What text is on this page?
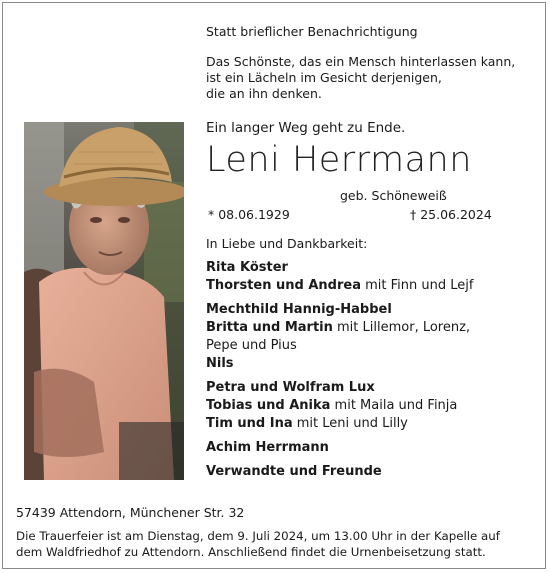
Statt brieflicher Benachrichtigung
Das Schönste, das ein Mensch hinterlassen kann,
ist ein Lächeln im Gesicht derjenigen,
die an ihn denken.
Ein langer Weg geht zu Ende.
Leni Herrmann
geb. Schöneweiß
* 08.06.1929	† 25.06.2024
In Liebe und Dankbarkeit:
Rita Köster
Thorsten und Andrea mit Finn und Lejf
Mechthild Hannig-Habbel
Britta und Martin mit Lillemor, Lorenz,
Pepe und Pius
Nils
Petra und Wolfram Lux
Tobias und Anika mit Maila und Finja
Tim und Ina mit Leni und Lilly
Achim Herrmann
Verwandte und Freunde
57439 Attendorn, Münchener Str. 32
Die Trauerfeier ist am Dienstag, dem 9. Juli 2024, um 13.00 Uhr in der Kapelle auf
dem Waldfriedhof zu Attendorn. Anschließend findet die Urnenbeisetzung statt.
